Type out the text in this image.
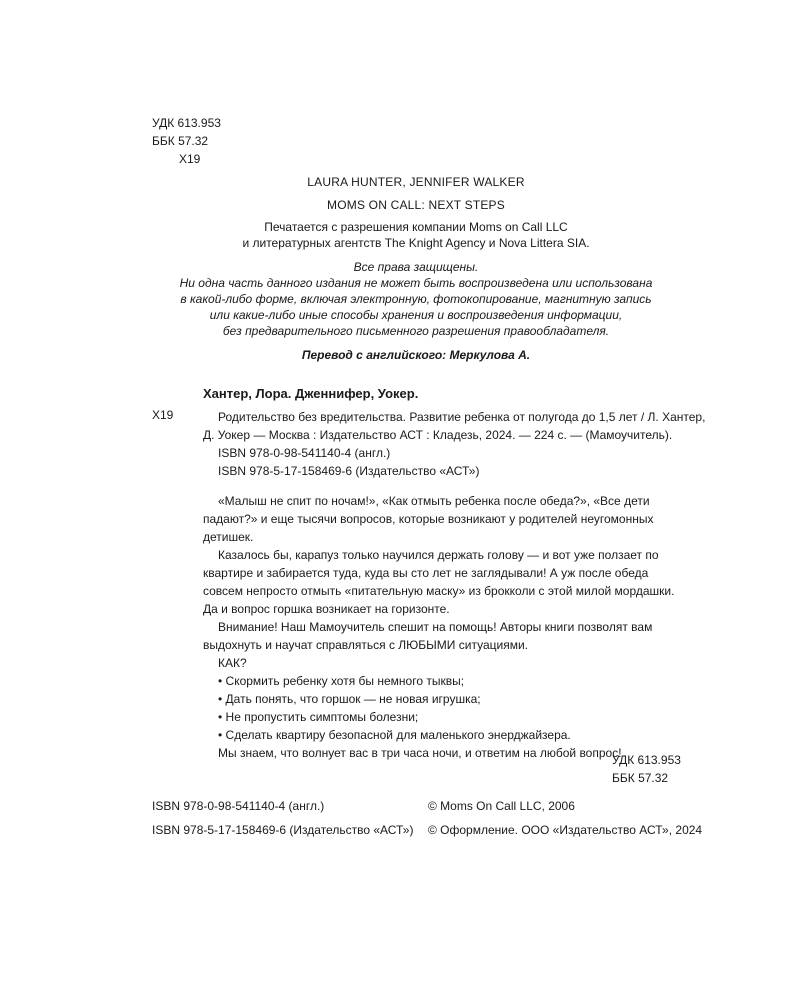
УДК 613.953
ББК 57.32
Х19
LAURA HUNTER, JENNIFER WALKER
MOMS ON CALL: NEXT STEPS
Печатается с разрешения компании Moms on Call LLC
и литературных агентств The Knight Agency и Nova Littera SIA.
Все права защищены.
Ни одна часть данного издания не может быть воспроизведена или использована
в какой-либо форме, включая электронную, фотокопирование, магнитную запись
или какие-либо иные способы хранения и воспроизведения информации,
без предварительного письменного разрешения правообладателя.
Перевод с английского: Меркулова А.
Хантер, Лора. Дженнифер, Уокер.
Х19	Родительство без вредительства. Развитие ребенка от полугода до 1,5 лет / Л. Хантер,
Д. Уокер — Москва : Издательство АСТ : Кладезь, 2024. — 224 с. — (Мамоучитель).
ISBN 978-0-98-541140-4 (англ.)
ISBN 978-5-17-158469-6 (Издательство «АСТ»)

«Малыш не спит по ночам!», «Как отмыть ребенка после обеда?», «Все дети падают?» и еще тысячи вопросов, которые возникают у родителей неугомонных детишек.

Казалось бы, карапуз только научился держать голову — и вот уже ползает по квартире и забирается туда, куда вы сто лет не заглядывали! А уж после обеда совсем непросто отмыть «питательную маску» из брокколи с этой милой мордашки. Да и вопрос горшка возникает на горизонте.

Внимание! Наш Мамоучитель спешит на помощь! Авторы книги позволят вам выдохнуть и научат справляться с ЛЮБЫМИ ситуациями.

КАК?
• Скормить ребенку хотя бы немного тыквы;
• Дать понять, что горшок — не новая игрушка;
• Не пропустить симптомы болезни;
• Сделать квартиру безопасной для маленького энерджайзера.
Мы знаем, что волнует вас в три часа ночи, и ответим на любой вопрос!
УДК 613.953
ББК 57.32
ISBN 978-0-98-541140-4 (англ.)
ISBN 978-5-17-158469-6 (Издательство «АСТ»)
© Moms On Call LLC, 2006
© Оформление. ООО «Издательство АСТ», 2024
